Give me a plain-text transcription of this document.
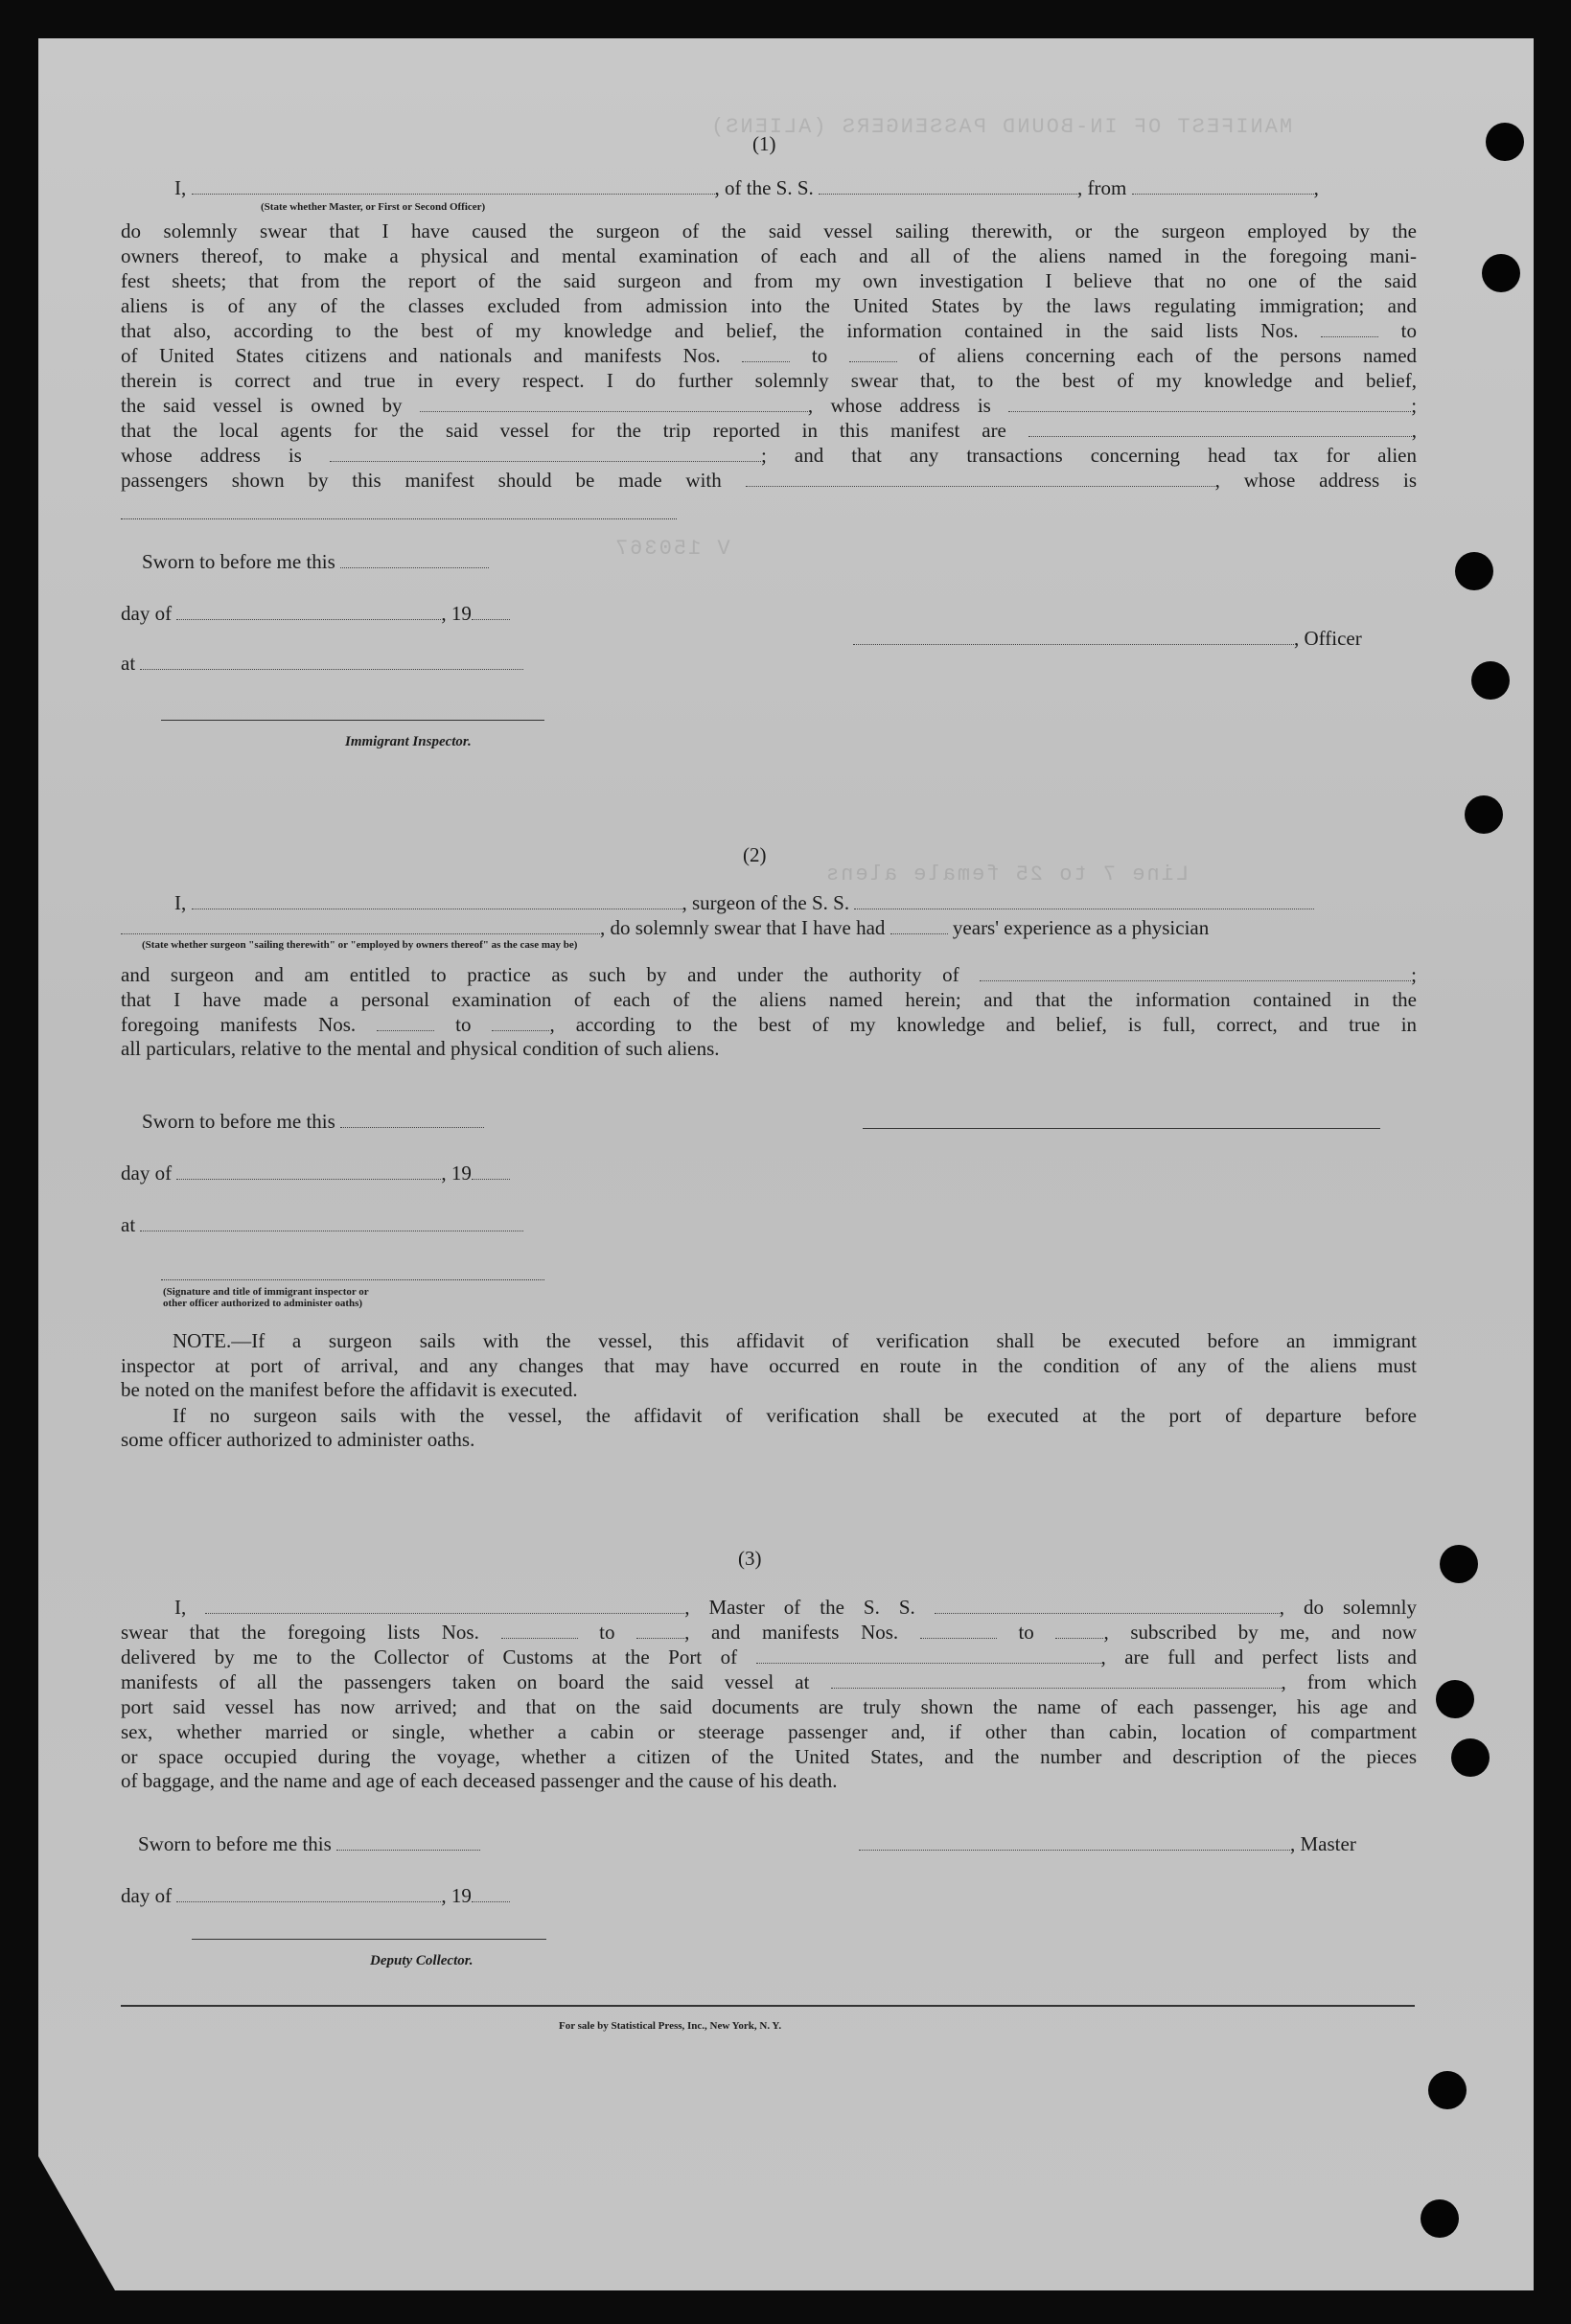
MANIFEST OF IN-BOUND PASSENGERS (ALIENS)
V 150367
Line 7 to 25 female alens
(1)
I,	, of the S. S.	, from	,
(State whether Master, or First or Second Officer)
do solemnly swear that I have caused the surgeon of the said vessel sailing therewith, or the surgeon employed by the
owners thereof, to make a physical and mental examination of each and all of the aliens named in the foregoing mani-
fest sheets; that from the report of the said surgeon and from my own investigation I believe that no one of the said
aliens is of any of the classes excluded from admission into the United States by the laws regulating immigration; and
that also, according to the best of my knowledge and belief, the information contained in the said lists Nos.	to
of United States citizens and nationals and manifests Nos.	to	of aliens concerning each of the persons named
therein is correct and true in every respect. I do further solemnly swear that, to the best of my knowledge and belief,
the said vessel is owned by	, whose address is	;
that the local agents for the said vessel for the trip reported in this manifest are	,
whose address is	; and that any transactions concerning head tax for alien
passengers shown by this manifest should be made with	, whose address is
Sworn to before me this
day of	, 19
at
Immigrant Inspector.
, Officer
(2)
I,	, surgeon of the S. S.
, do solemnly swear that I have had	years' experience as a physician
(State whether surgeon "sailing therewith" or "employed by owners thereof" as the case may be)
and surgeon and am entitled to practice as such by and under the authority of	;
that I have made a personal examination of each of the aliens named herein; and that the information contained in the
foregoing manifests Nos.	to	, according to the best of my knowledge and belief, is full, correct, and true in
all particulars, relative to the mental and physical condition of such aliens.
Sworn to before me this
day of	, 19
at
(Signature and title of immigrant inspector or
other officer authorized to administer oaths)
NOTE.—If a surgeon sails with the vessel, this affidavit of verification shall be executed before an immigrant
inspector at port of arrival, and any changes that may have occurred en route in the condition of any of the aliens must
be noted on the manifest before the affidavit is executed.
If no surgeon sails with the vessel, the affidavit of verification shall be executed at the port of departure before
some officer authorized to administer oaths.
(3)
I,	, Master of the S. S.	, do solemnly
swear that the foregoing lists Nos.	to	, and manifests Nos.	to	, subscribed by me, and now
delivered by me to the Collector of Customs at the Port of	, are full and perfect lists and
manifests of all the passengers taken on board the said vessel at	, from which
port said vessel has now arrived; and that on the said documents are truly shown the name of each passenger, his age and
sex, whether married or single, whether a cabin or steerage passenger and, if other than cabin, location of compartment
or space occupied during the voyage, whether a citizen of the United States, and the number and description of the pieces
of baggage, and the name and age of each deceased passenger and the cause of his death.
Sworn to before me this	, Master
day of	, 19
Deputy Collector.
For sale by Statistical Press, Inc., New York, N. Y.
